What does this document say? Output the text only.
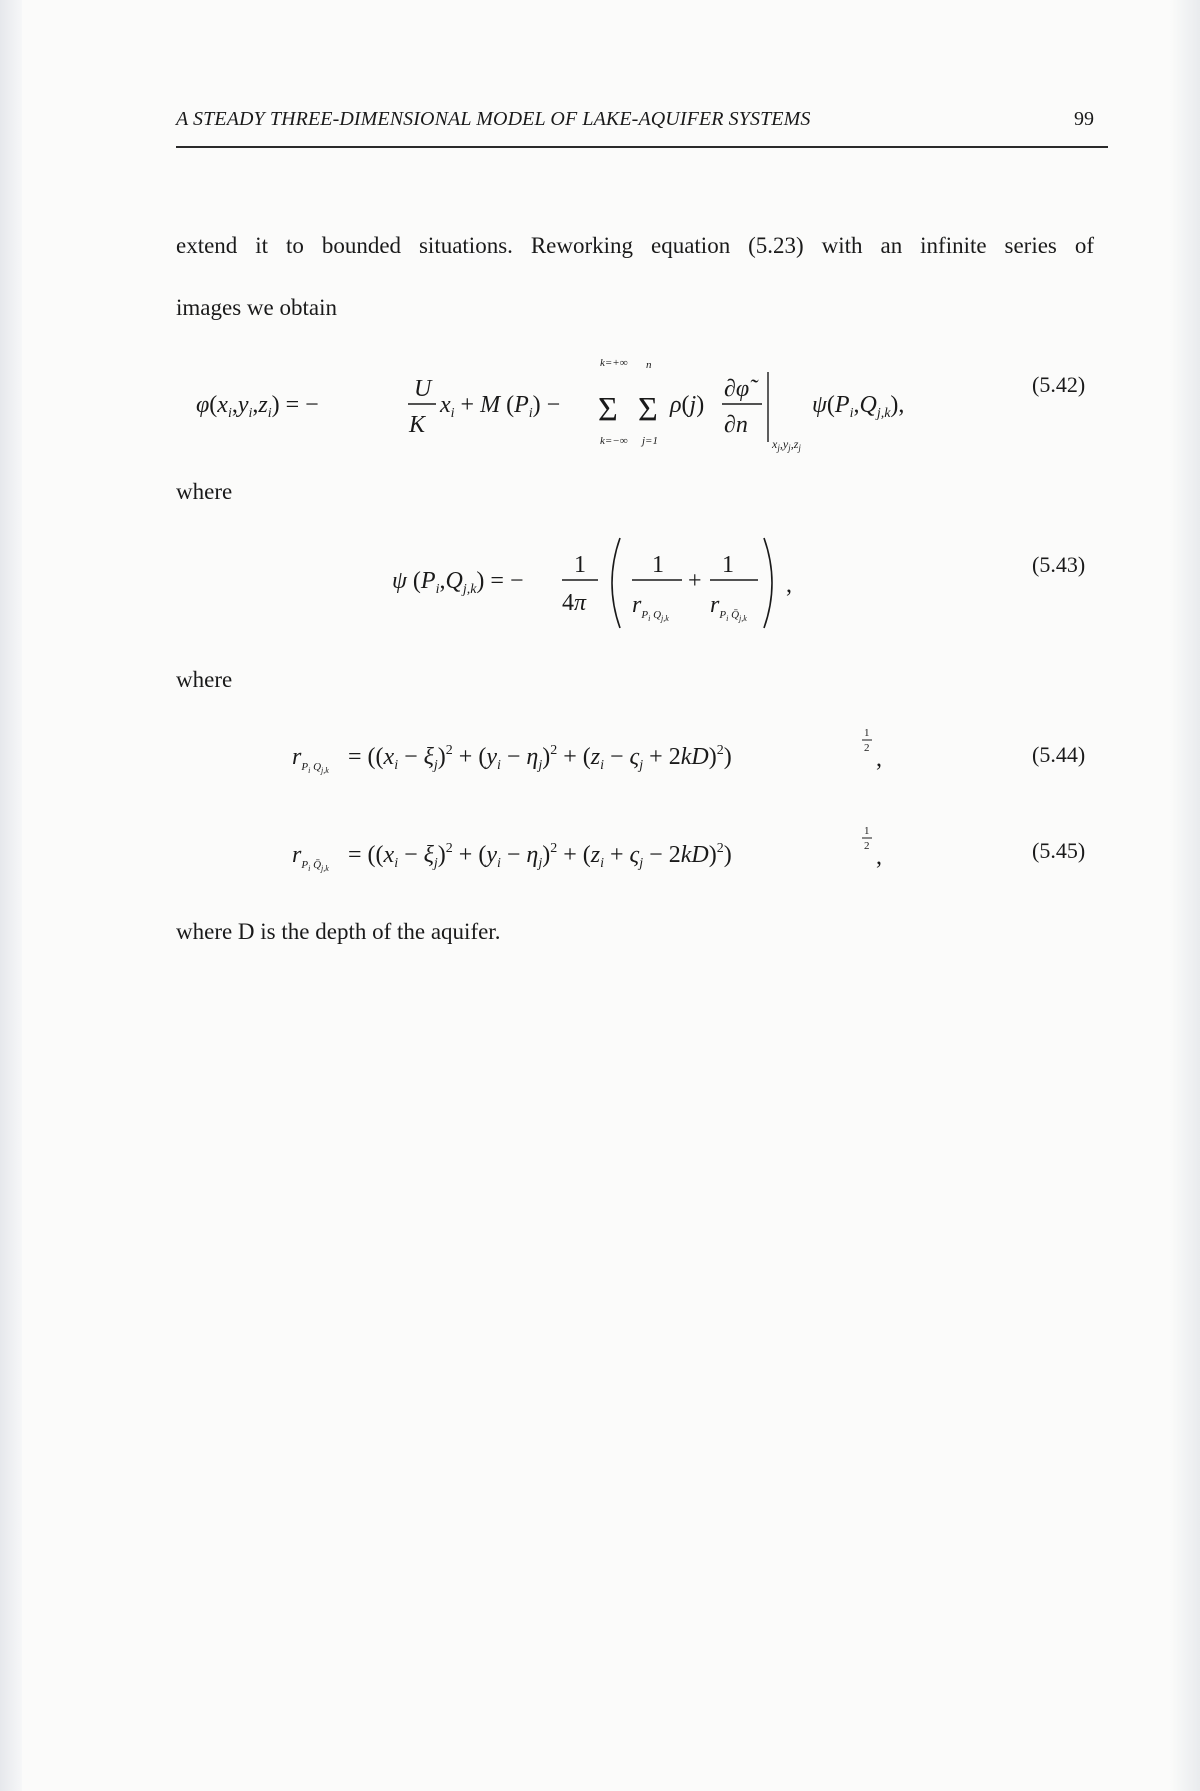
A STEADY THREE-DIMENSIONAL MODEL OF LAKE-AQUIFER SYSTEMS	99
extend it to bounded situations. Reworking equation (5.23) with an infinite series of
images we obtain
$\varphi(x_i,y_i,z_i)$ = −
U
K
$x_i + M$ $(P_i)$ −
k=+∞
Σ
k=−∞
n
Σ
j=1
ρ(j)
∂φ̃
∂n
$x_j,y_j,z_j$
$\psi(P_i,Q_{j,k})$,
(5.42)
where
ψ $(P_i,Q_{j,k})$ = −
1
4π
1
$r_Pi$ Qj,k
+
1
$r_Pi$ Q̄j,k
,
(5.43)
where
$r_Pi$ Qj,k
= $((x_i - \xi_j)^2 + (y_i - \eta_j)^2 + (z_i - \varsigma_j + 2kD)^2)$
1
2 ,	(5.44)
$r_Pi$ Q̄j,k
= $((x_i - \xi_j)^2 + (y_i - \eta_j)^2 + (z_i + \varsigma_j - 2kD)^2)$
1
2 ,	(5.45)
where D is the depth of the aquifer.
